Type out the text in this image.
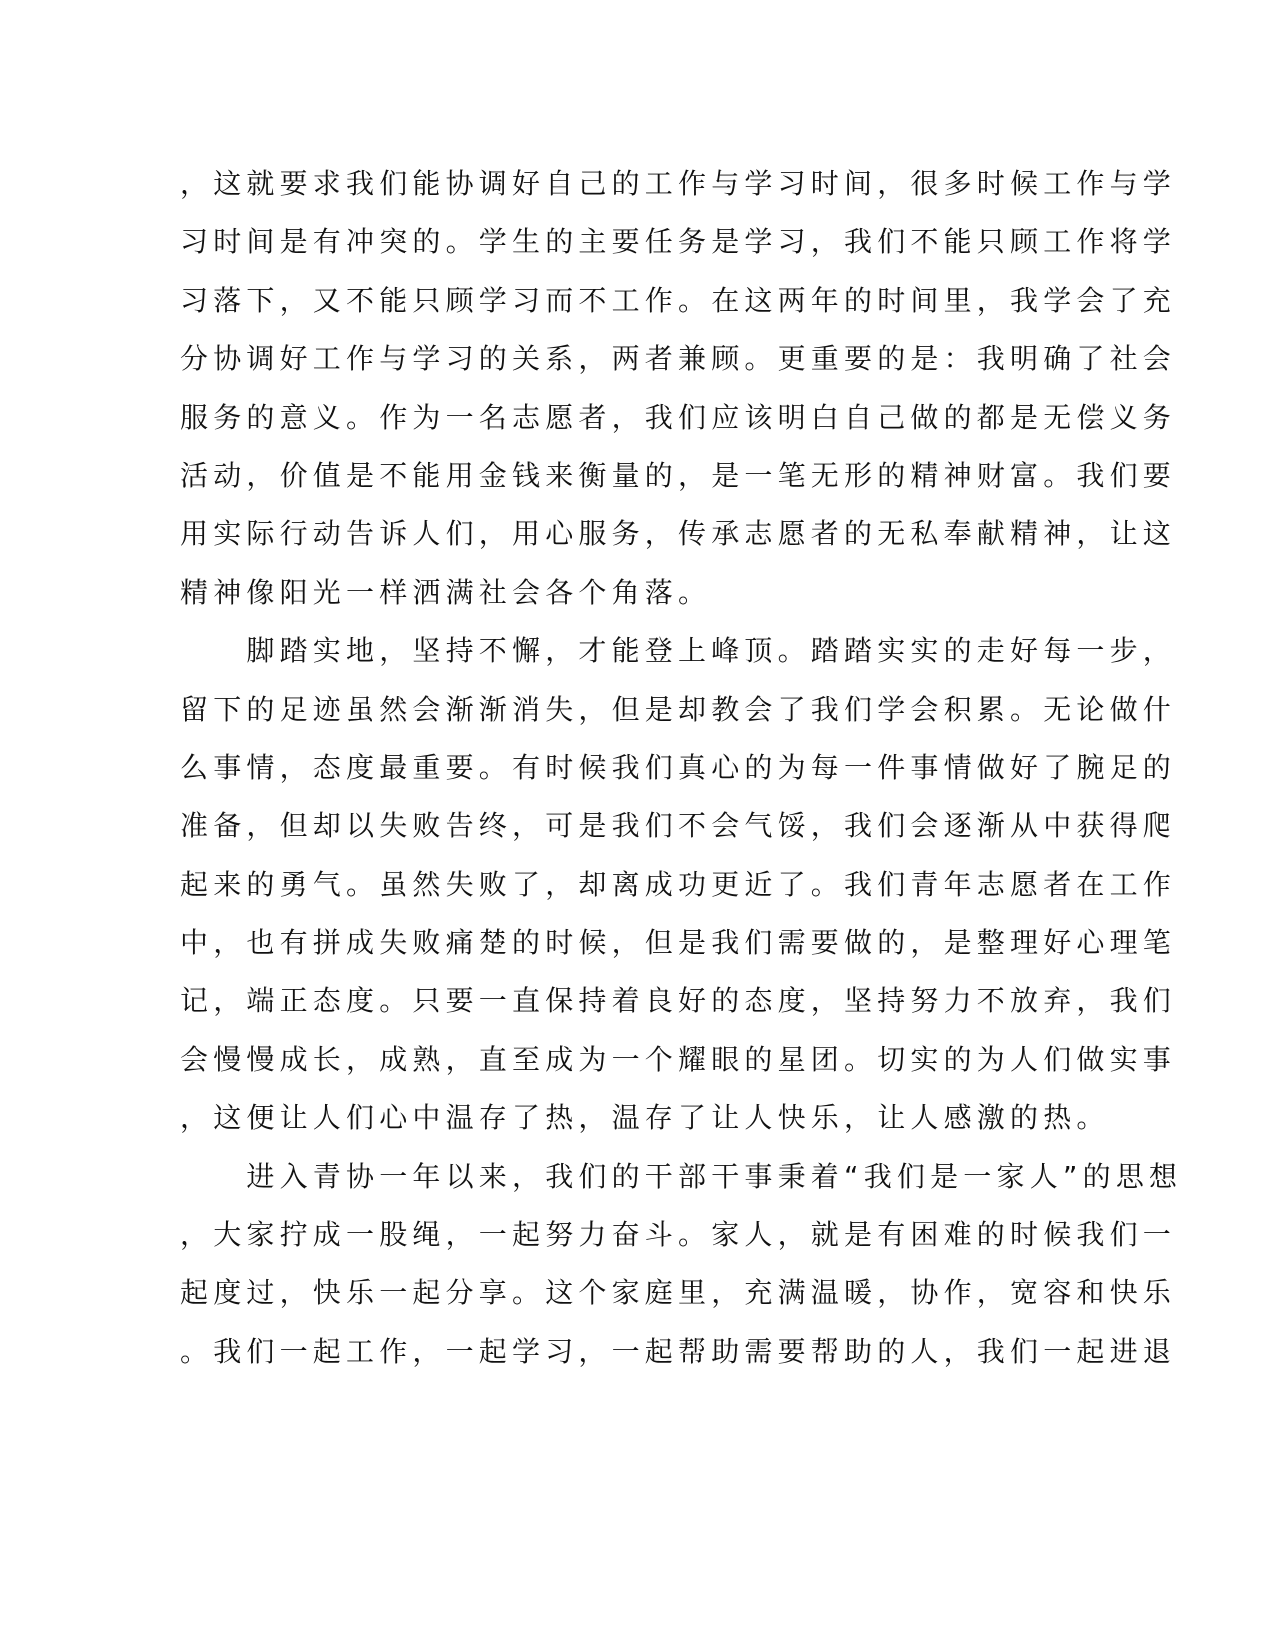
，这就要求我们能协调好自己的工作与学习时间，很多时候工作与学
习时间是有冲突的。学生的主要任务是学习，我们不能只顾工作将学
习落下，又不能只顾学习而不工作。在这两年的时间里，我学会了充
分协调好工作与学习的关系，两者兼顾。更重要的是：我明确了社会
服务的意义。作为一名志愿者，我们应该明白自己做的都是无偿义务
活动，价值是不能用金钱来衡量的，是一笔无形的精神财富。我们要
用实际行动告诉人们，用心服务，传承志愿者的无私奉献精神，让这
精神像阳光一样洒满社会各个角落。
　　脚踏实地，坚持不懈，才能登上峰顶。踏踏实实的走好每一步，
留下的足迹虽然会渐渐消失，但是却教会了我们学会积累。无论做什
么事情，态度最重要。有时候我们真心的为每一件事情做好了腕足的
准备，但却以失败告终，可是我们不会气馁，我们会逐渐从中获得爬
起来的勇气。虽然失败了，却离成功更近了。我们青年志愿者在工作
中，也有拼成失败痛楚的时候，但是我们需要做的，是整理好心理笔
记，端正态度。只要一直保持着良好的态度，坚持努力不放弃，我们
会慢慢成长，成熟，直至成为一个耀眼的星团。切实的为人们做实事
，这便让人们心中温存了热，温存了让人快乐，让人感激的热。
　　进入青协一年以来，我们的干部干事秉着“我们是一家人”的思想
，大家拧成一股绳，一起努力奋斗。家人，就是有困难的时候我们一
起度过，快乐一起分享。这个家庭里，充满温暖，协作，宽容和快乐
。我们一起工作，一起学习，一起帮助需要帮助的人，我们一起进退
